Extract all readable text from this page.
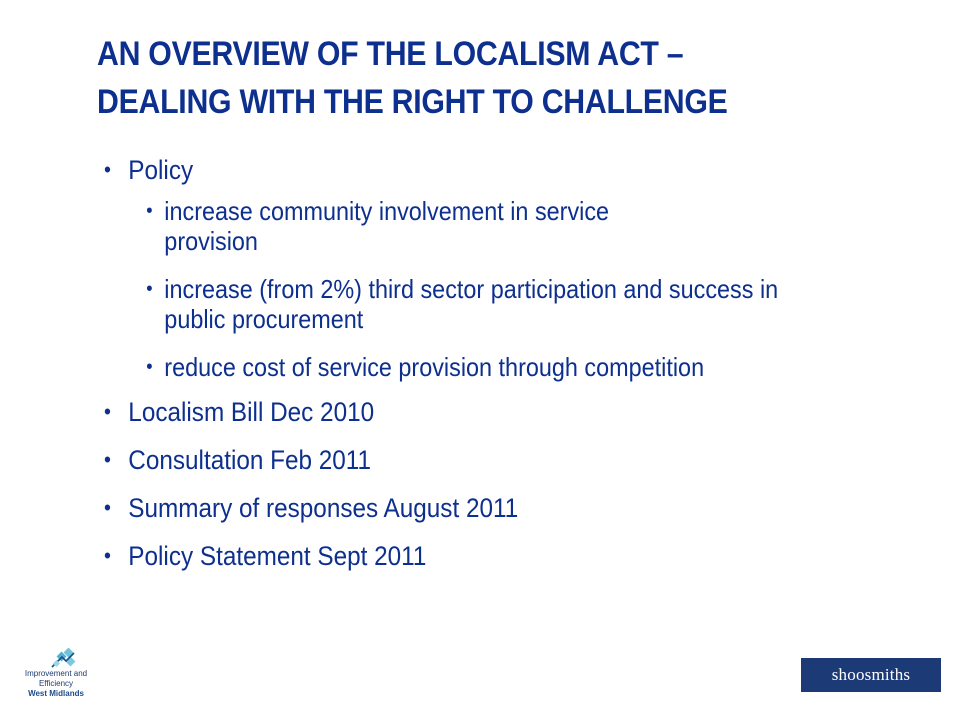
AN OVERVIEW OF THE LOCALISM ACT –
DEALING WITH THE RIGHT TO CHALLENGE
• Policy
• increase community involvement in service provision
• increase (from 2%) third sector participation and success in public procurement
• reduce cost of service provision through competition
• Localism Bill Dec 2010
• Consultation Feb 2011
• Summary of responses August 2011
• Policy Statement Sept 2011
Improvement and
Efficiency
West Midlands
shoosmiths
